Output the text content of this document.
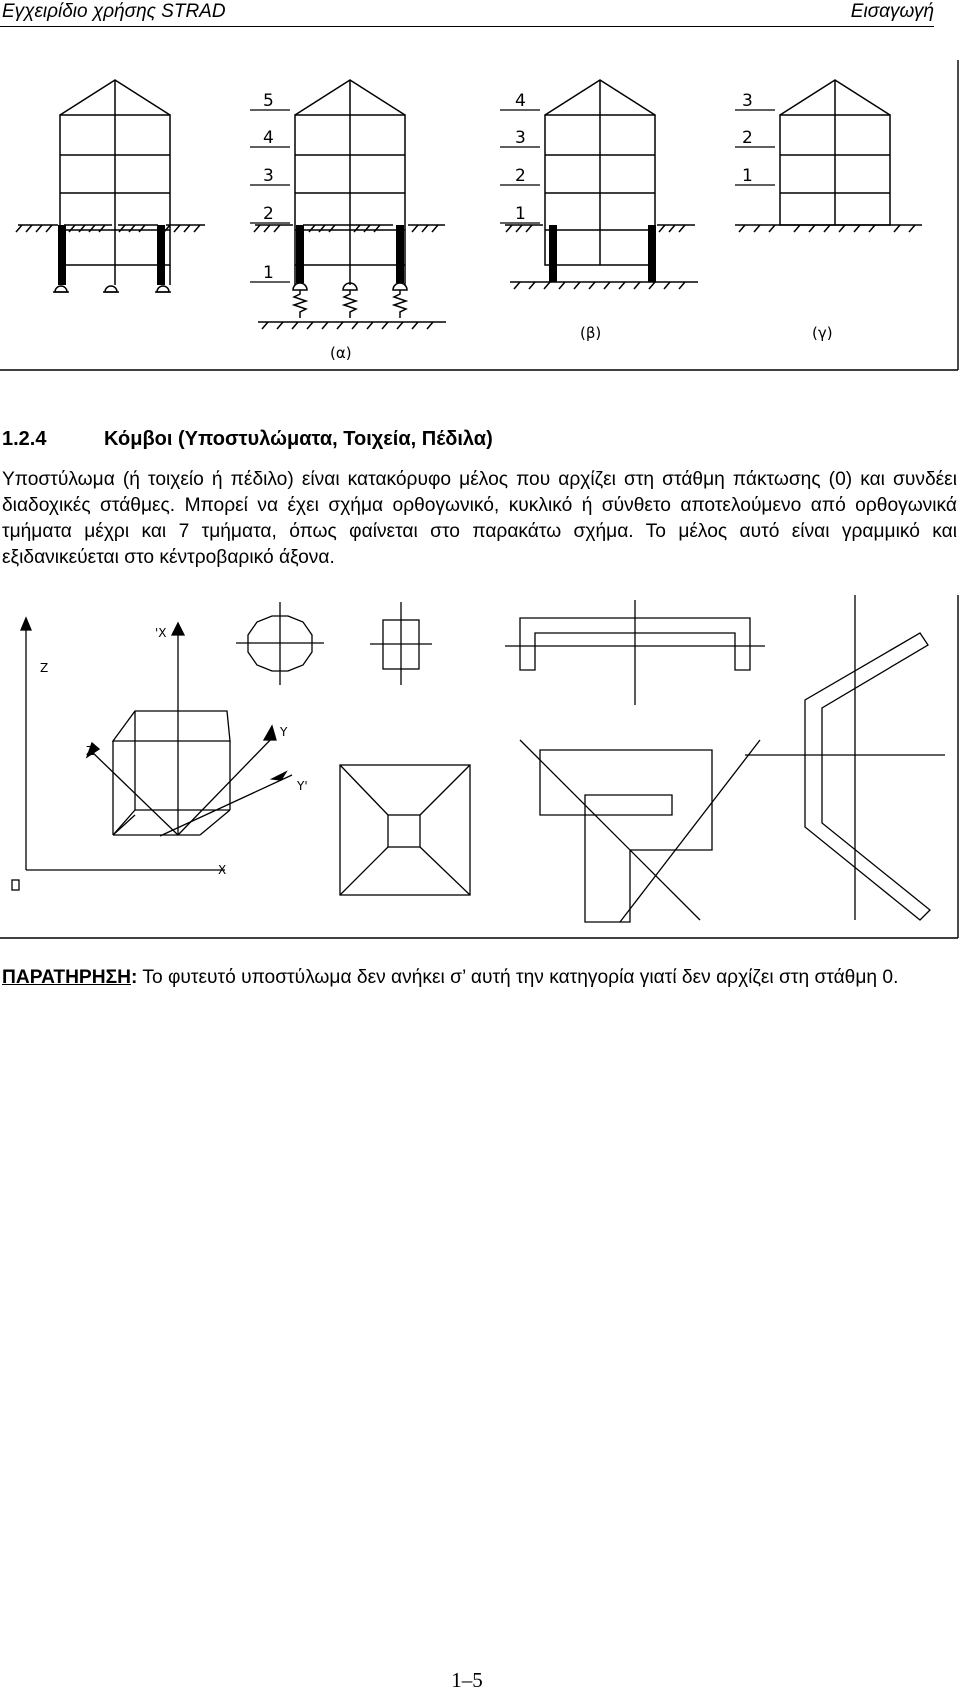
Εγχειρίδιο χρήσης STRAD	Εισαγωγή
5
4
3
2
1
(α)
4
3
2
1
(β)
3
2
1
(γ)
1.2.4	Κόμβοι (Υποστυλώματα, Τοιχεία, Πέδιλα)
Υποστύλωμα (ή τοιχείο ή πέδιλο) είναι κατακόρυφο μέλος που αρχίζει στη στάθμη πάκτωσης (0) και συνδέει διαδοχικές στάθμες. Μπορεί να έχει σχήμα ορθογωνικό, κυκλικό ή σύνθετο αποτελούμενο από ορθογωνικά τμήματα μέχρι και 7 τμήματα, όπως φαίνεται στο παρακάτω σχήμα. Το μέλος αυτό είναι γραμμικό και εξιδανικεύεται στο κέντροβαρικό άξονα.
'X
Z
Z'
Y
Y'
X
ΠΑΡΑΤΗΡΗΣΗ: Το φυτευτό υποστύλωμα δεν ανήκει σ’ αυτή την κατηγορία γιατί δεν αρχίζει στη στάθμη 0.
1–5
